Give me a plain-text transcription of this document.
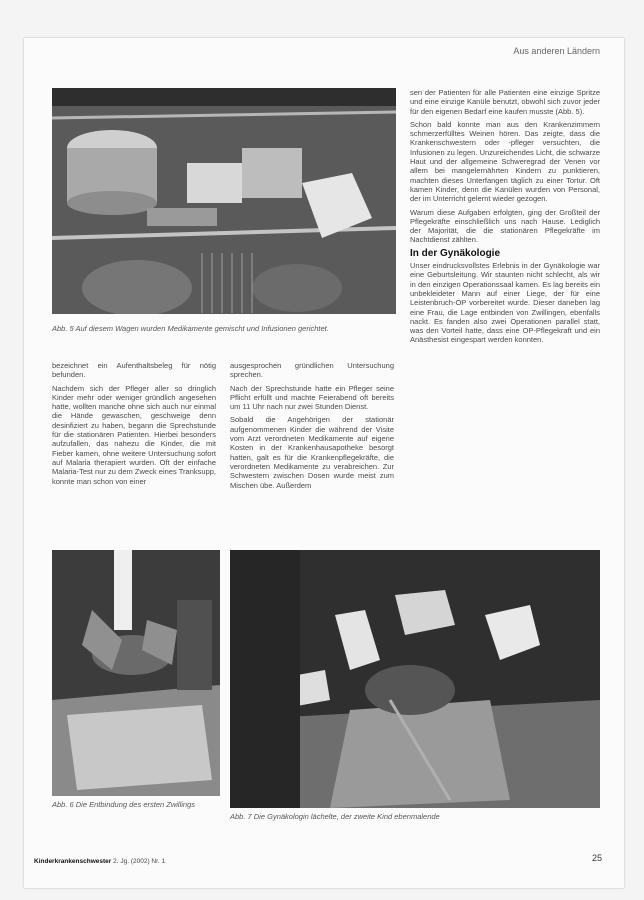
Aus anderen Ländern
Abb. 5 Auf diesem Wagen wurden Medikamente gemischt und Infusionen gerichtet.

bezeichnet ein Aufenthaltsbeleg für nötig befunden.

Nachdem sich der Pfleger aller so dringlich Kinder mehr oder weniger gründlich angesehen hatte, wollten manche ohne sich auch nur einmal die Hände gewaschen, geschweige denn desinfiziert zu haben, begann die Sprechstunde für die stationären Patienten. Hierbei besonders aufzufallen, das nahezu die Kinder, die mit Fieber kamen, ohne weitere Untersuchung sofort auf Malaria therapiert wurden. Oft der einfache Malaria-Test nur zu dem Zweck eines Tranksupp, konnte man schon von einer

ausgesprochen gründlichen Untersuchung sprechen.

Nach der Sprechstunde hatte ein Pfleger seine Pflicht erfüllt und machte Feierabend oft bereits um 11 Uhr nach nur zwei Stunden Dienst.

Sobald die Angehörigen der stationär aufgenommenen Kinder die während der Visite vom Arzt verordneten Medikamente auf eigene Kosten in der Krankenhausapotheke besorgt hatten, galt es für die Krankenpflegekräfte, die verordneten Medikamente zu verabreichen. Zur Schwestern zwischen Dosen wurde meist zum Mischen übe. Außerdem

sen der Patienten für alle Patienten eine einzige Spritze und eine einzige Kanüle benutzt, obwohl sich zuvor jeder für den eigenen Bedarf eine kaufen musste (Abb. 5).

Schon bald konnte man aus den Krankenzimmern schmerzerfülltes Weinen hören. Das zeigte, dass die Krankenschwestern oder -pfleger versuchten, die Infusionen zu legen. Unzureichendes Licht, die schwarze Haut und der allgemeine Schweregrad der Venen vor allem bei mangelernährten Kindern zu punktieren, machten dieses Unterfangen täglich zu einer Tortur. Oft kamen Kinder, denn die Kanülen wurden von Personal, der im Unterricht gelernt wieder gezogen.

Warum diese Aufgaben erfolgten, ging der Großteil der Pflegekräfte einschließlich uns nach Hause. Lediglich der Majorität, die die stationären Pflegekräfte im Nachtdienst zählten.

In der Gynäkologie

Unser eindrucksvollstes Erlebnis in der Gynäkologie war eine Geburtsleitung. Wir staunten nicht schlecht, als wir in den einzigen Operationssaal kamen. Es lag bereits ein unbekleideter Mann auf einer Liege, der für eine Leistenbruch-OP vorbereitet wurde. Dieser daneben lag eine Frau, die Lage entbinden von Zwillingen, ebenfalls nackt. Es fanden also zwei Operationen parallel statt, was den Vorteil hatte, dass eine OP-Pflegekraft und ein Anästhesist eingespart werden konnten.

Abb. 6 Die Entbindung des ersten Zwillings
Abb. 7 Die Gynäkologin lächelte, der zweite Kind ebenmalende
Kinderkrankenschwester 2. Jg. (2002) Nr. 1	25
